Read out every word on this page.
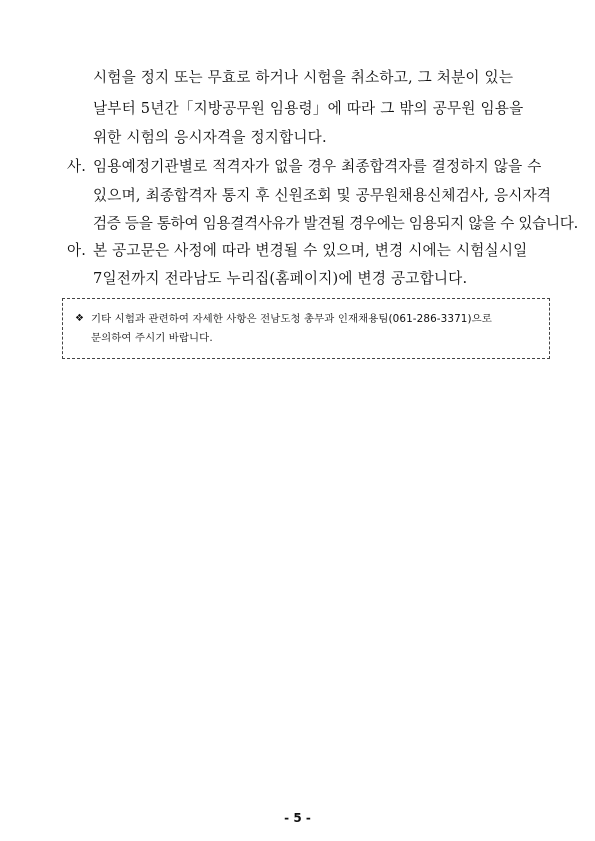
시험을 정지 또는 무효로 하거나 시험을 취소하고, 그 처분이 있는
날부터 5년간「지방공무원 임용령」에 따라 그 밖의 공무원 임용을
위한 시험의 응시자격을 정지합니다.
사. 임용예정기관별로 적격자가 없을 경우 최종합격자를 결정하지 않을 수
있으며, 최종합격자 통지 후 신원조회 및 공무원채용신체검사, 응시자격
검증 등을 통하여 임용결격사유가 발견될 경우에는 임용되지 않을 수 있습니다.
아. 본 공고문은 사정에 따라 변경될 수 있으며, 변경 시에는 시험실시일
7일전까지 전라남도 누리집(홈페이지)에 변경 공고합니다.
❖ 기타 시험과 관련하여 자세한 사항은 전남도청 총무과 인재채용팀(061-286-3371)으로
문의하여 주시기 바랍니다.
- 5 -
